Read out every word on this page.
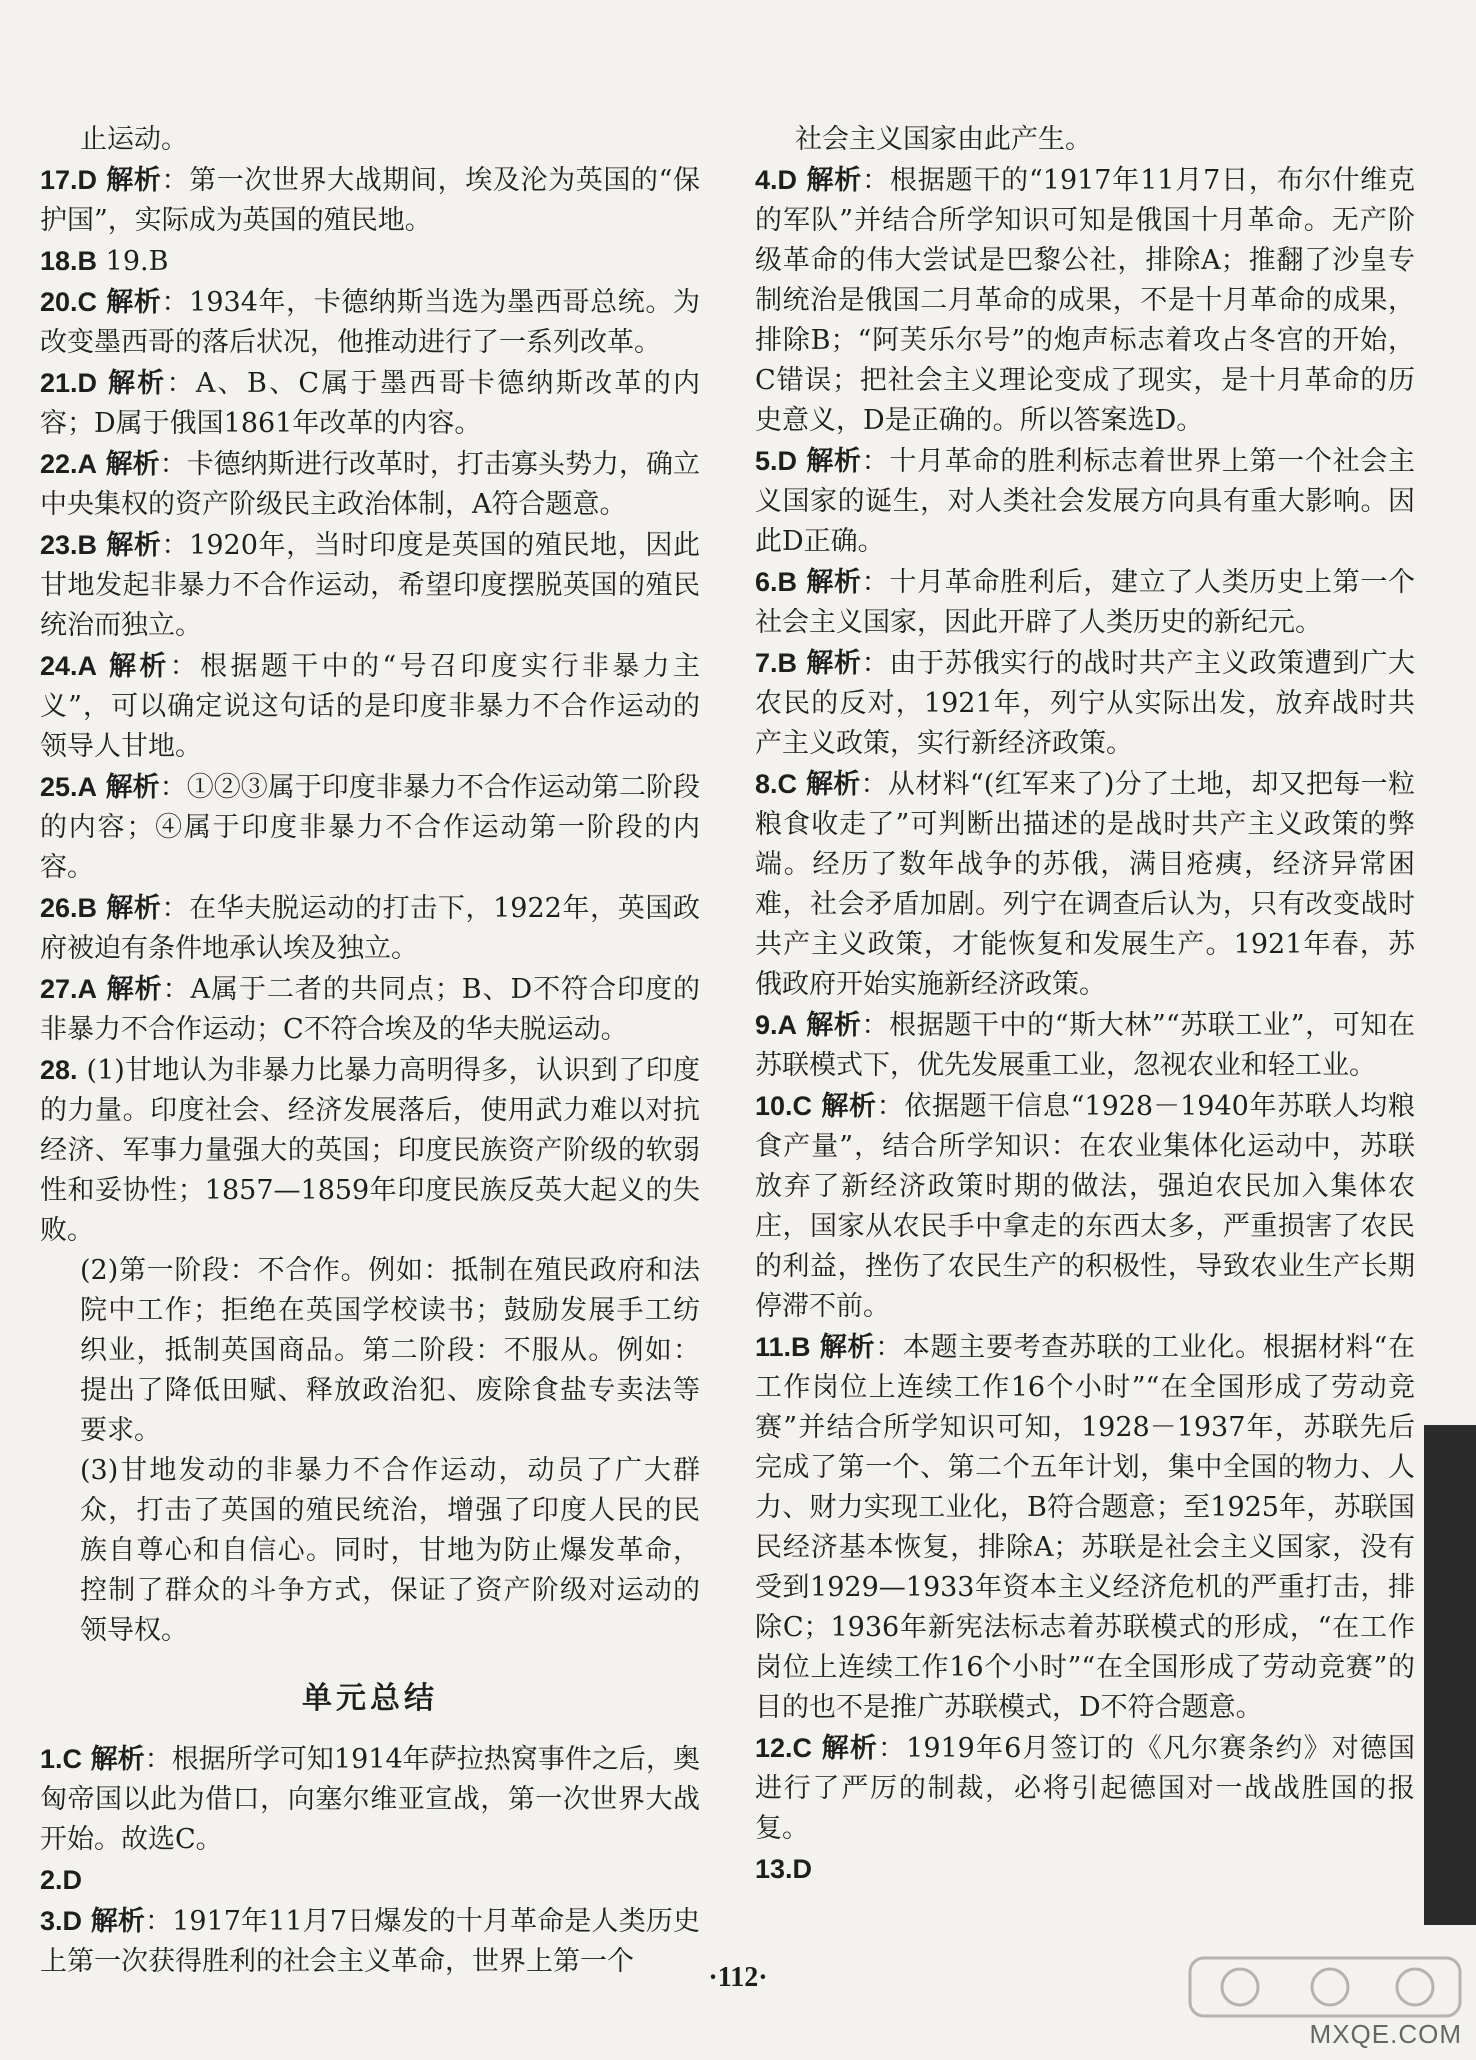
止运动。
17.D 解析：第一次世界大战期间，埃及沦为英国的“保护国”，实际成为英国的殖民地。
18.B 19.B
20.C 解析：1934年，卡德纳斯当选为墨西哥总统。为改变墨西哥的落后状况，他推动进行了一系列改革。
21.D 解析：A、B、C属于墨西哥卡德纳斯改革的内容；D属于俄国1861年改革的内容。
22.A 解析：卡德纳斯进行改革时，打击寡头势力，确立中央集权的资产阶级民主政治体制，A符合题意。
23.B 解析：1920年，当时印度是英国的殖民地，因此甘地发起非暴力不合作运动，希望印度摆脱英国的殖民统治而独立。
24.A 解析：根据题干中的“号召印度实行非暴力主义”，可以确定说这句话的是印度非暴力不合作运动的领导人甘地。
25.A 解析：①②③属于印度非暴力不合作运动第二阶段的内容；④属于印度非暴力不合作运动第一阶段的内容。
26.B 解析：在华夫脱运动的打击下，1922年，英国政府被迫有条件地承认埃及独立。
27.A 解析：A属于二者的共同点；B、D不符合印度的非暴力不合作运动；C不符合埃及的华夫脱运动。
28. (1)甘地认为非暴力比暴力高明得多，认识到了印度的力量。印度社会、经济发展落后，使用武力难以对抗经济、军事力量强大的英国；印度民族资产阶级的软弱性和妥协性；1857—1859年印度民族反英大起义的失败。
(2)第一阶段：不合作。例如：抵制在殖民政府和法院中工作；拒绝在英国学校读书；鼓励发展手工纺织业，抵制英国商品。第二阶段：不服从。例如：提出了降低田赋、释放政治犯、废除食盐专卖法等要求。
(3)甘地发动的非暴力不合作运动，动员了广大群众，打击了英国的殖民统治，增强了印度人民的民族自尊心和自信心。同时，甘地为防止爆发革命，控制了群众的斗争方式，保证了资产阶级对运动的领导权。
单元总结
1.C 解析：根据所学可知1914年萨拉热窝事件之后，奥匈帝国以此为借口，向塞尔维亚宣战，第一次世界大战开始。故选C。
2.D
3.D 解析：1917年11月7日爆发的十月革命是人类历史上第一次获得胜利的社会主义革命，世界上第一个
社会主义国家由此产生。
4.D 解析：根据题干的“1917年11月7日，布尔什维克的军队”并结合所学知识可知是俄国十月革命。无产阶级革命的伟大尝试是巴黎公社，排除A；推翻了沙皇专制统治是俄国二月革命的成果，不是十月革命的成果，排除B；“阿芙乐尔号”的炮声标志着攻占冬宫的开始，C错误；把社会主义理论变成了现实，是十月革命的历史意义，D是正确的。所以答案选D。
5.D 解析：十月革命的胜利标志着世界上第一个社会主义国家的诞生，对人类社会发展方向具有重大影响。因此D正确。
6.B 解析：十月革命胜利后，建立了人类历史上第一个社会主义国家，因此开辟了人类历史的新纪元。
7.B 解析：由于苏俄实行的战时共产主义政策遭到广大农民的反对，1921年，列宁从实际出发，放弃战时共产主义政策，实行新经济政策。
8.C 解析：从材料“(红军来了)分了土地，却又把每一粒粮食收走了”可判断出描述的是战时共产主义政策的弊端。经历了数年战争的苏俄，满目疮痍，经济异常困难，社会矛盾加剧。列宁在调查后认为，只有改变战时共产主义政策，才能恢复和发展生产。1921年春，苏俄政府开始实施新经济政策。
9.A 解析：根据题干中的“斯大林”“苏联工业”，可知在苏联模式下，优先发展重工业，忽视农业和轻工业。
10.C 解析：依据题干信息“1928－1940年苏联人均粮食产量”，结合所学知识：在农业集体化运动中，苏联放弃了新经济政策时期的做法，强迫农民加入集体农庄，国家从农民手中拿走的东西太多，严重损害了农民的利益，挫伤了农民生产的积极性，导致农业生产长期停滞不前。
11.B 解析：本题主要考查苏联的工业化。根据材料“在工作岗位上连续工作16个小时”“在全国形成了劳动竞赛”并结合所学知识可知，1928－1937年，苏联先后完成了第一个、第二个五年计划，集中全国的物力、人力、财力实现工业化，B符合题意；至1925年，苏联国民经济基本恢复，排除A；苏联是社会主义国家，没有受到1929—1933年资本主义经济危机的严重打击，排除C；1936年新宪法标志着苏联模式的形成，“在工作岗位上连续工作16个小时”“在全国形成了劳动竞赛”的目的也不是推广苏联模式，D不符合题意。
12.C 解析：1919年6月签订的《凡尔赛条约》对德国进行了严厉的制裁，必将引起德国对一战战胜国的报复。
13.D
·112·
MXQE.COM
